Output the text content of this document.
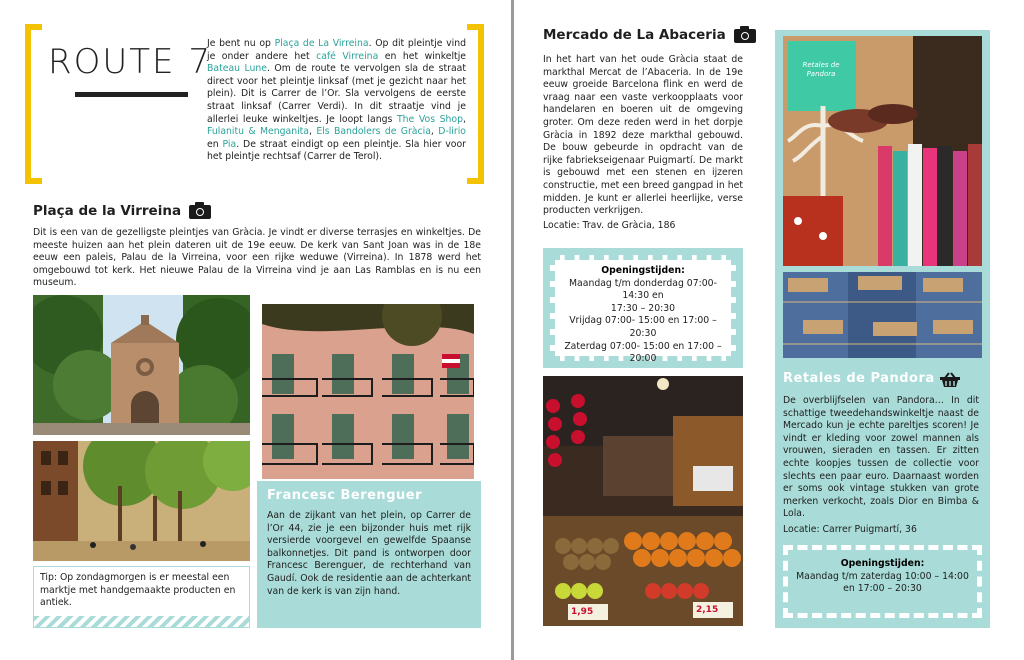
ROUTE 7
Je bent nu op Plaça de La Virreina. Op dit pleintje vind je onder andere het café Virreina en het winkeltje Bateau Lune. Om de route te vervolgen sla de straat direct voor het pleintje linksaf (met je gezicht naar het plein). Dit is Carrer de l’Or. Sla vervolgens de eerste straat linksaf (Carrer Verdi). In dit straatje vind je allerlei leuke winkeltjes. Je loopt langs The Vos Shop, Fulanitu & Menganita, Els Bandolers de Gràcia, D-lirio en Pia. De straat eindigt op een pleintje. Sla hier voor het pleintje rechtsaf (Carrer de Terol).
Plaça de la Virreina
Dit is een van de gezelligste pleintjes van Gràcia. Je vindt er diverse terrasjes en winkeltjes. De meeste huizen aan het plein dateren uit de 19e eeuw. De kerk van Sant Joan was in de 18e eeuw een paleis, Palau de la Virreina, voor een rijke weduwe (Virreina). In 1878 werd het omgebouwd tot kerk. Het nieuwe Palau de la Virreina vind je aan Las Ramblas en is nu een museum.
Tip: Op zondagmorgen is er meestal een marktje met handgemaakte producten en antiek.
Francesc Berenguer
Aan de zijkant van het plein, op Carrer de l’Or 44, zie je een bijzonder huis met rijk versierde voorgevel en gewelfde Spaanse balkonnetjes. Dit pand is ontworpen door Francesc Berenguer, de rechterhand van Gaudí. Ook de residentie aan de achterkant van de kerk is van zijn hand.
Mercado de La Abaceria
In het hart van het oude Gràcia staat de markthal Mercat de l’Abaceria. In de 19e eeuw groeide Barcelona flink en werd de vraag naar een vaste verkoopplaats voor handelaren en boeren uit de omgeving groter. Om deze reden werd in het dorpje Gràcia in 1892 deze markthal gebouwd. De bouw gebeurde in opdracht van de rijke fabriekseigenaar Puigmartí. De markt is gebouwd met een stenen en ijzeren constructie, met een breed gangpad in het midden. Je kunt er allerlei heerlijke, verse producten verkrijgen.
Locatie: Trav. de Gràcia, 186
Openingstijden:
Maandag t/m donderdag 07:00- 14:30 en
17:30 – 20:30
Vrijdag 07:00- 15:00 en 17:00 – 20:30
Zaterdag 07:00- 15:00 en 17:00 – 20:00
1,95	2,15
Retales de Pandora
Retales de Pandora
De overblijfselen van Pandora… In dit schattige tweedehandswinkeltje naast de Mercado kun je echte pareltjes scoren! Je vindt er kleding voor zowel mannen als vrouwen, sieraden en tassen. Er zitten echte koopjes tussen de collectie voor slechts een paar euro. Daarnaast worden er soms ook vintage stukken van grote merken verkocht, zoals Dior en Bimba & Lola.
Locatie: Carrer Puigmartí, 36
Openingstijden:
Maandag t/m zaterdag 10:00 – 14:00
en 17:00 – 20:30
